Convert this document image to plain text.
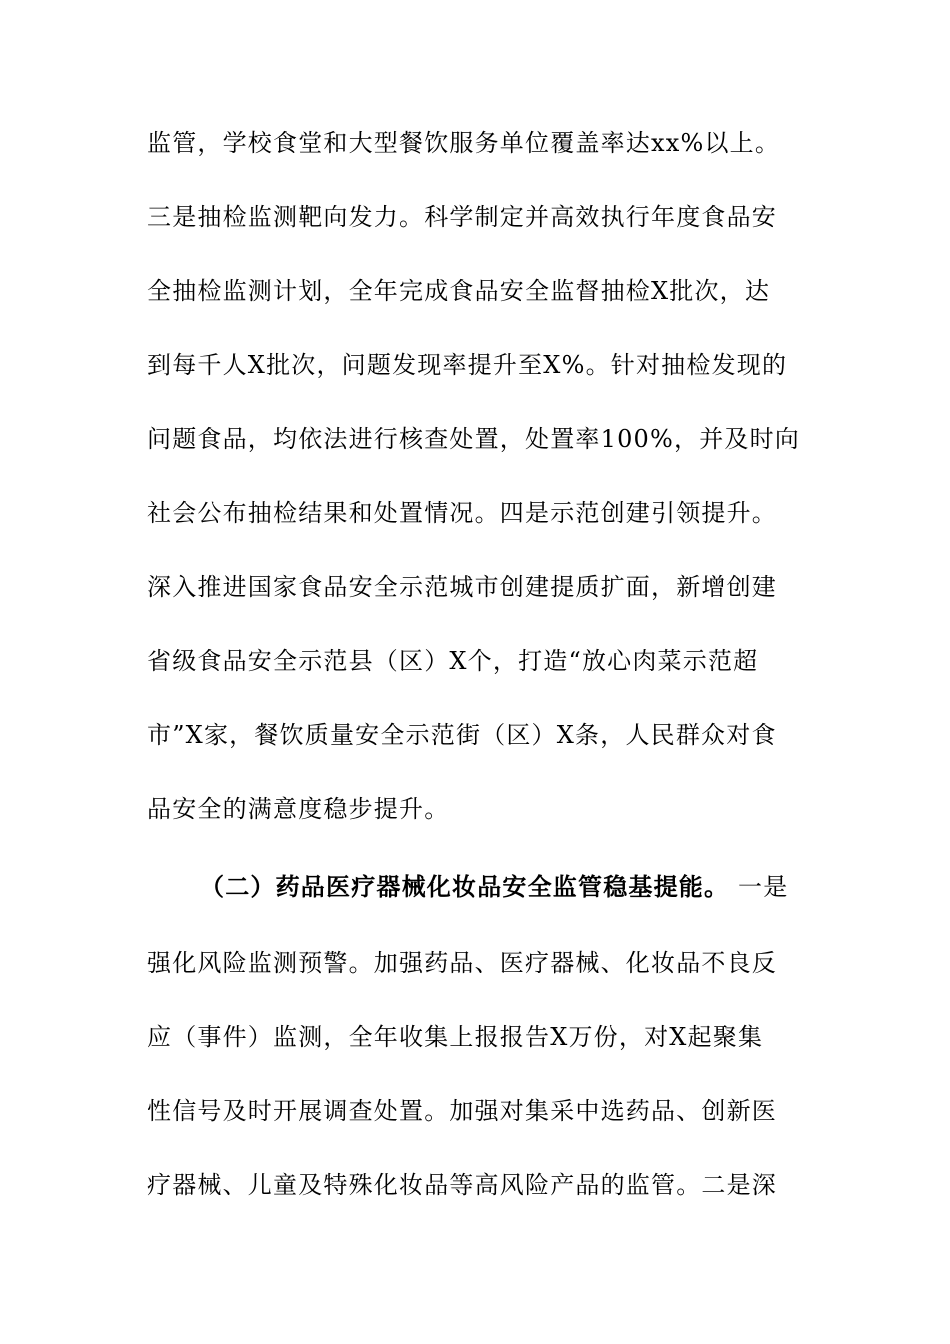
监管，学校食堂和大型餐饮服务单位覆盖率达xx%以上。
三是抽检监测靶向发力。科学制定并高效执行年度食品安
全抽检监测计划，全年完成食品安全监督抽检X批次，达
到每千人X批次，问题发现率提升至X%。针对抽检发现的
问题食品，均依法进行核查处置，处置率100%，并及时向
社会公布抽检结果和处置情况。四是示范创建引领提升。
深入推进国家食品安全示范城市创建提质扩面，新增创建
省级食品安全示范县（区）X个，打造“放心肉菜示范超
市”X家，餐饮质量安全示范街（区）X条，人民群众对食
品安全的满意度稳步提升。
（二）药品医疗器械化妆品安全监管稳基提能。 一是
强化风险监测预警。加强药品、医疗器械、化妆品不良反
应（事件）监测，全年收集上报报告X万份，对X起聚集
性信号及时开展调查处置。加强对集采中选药品、创新医
疗器械、儿童及特殊化妆品等高风险产品的监管。二是深
